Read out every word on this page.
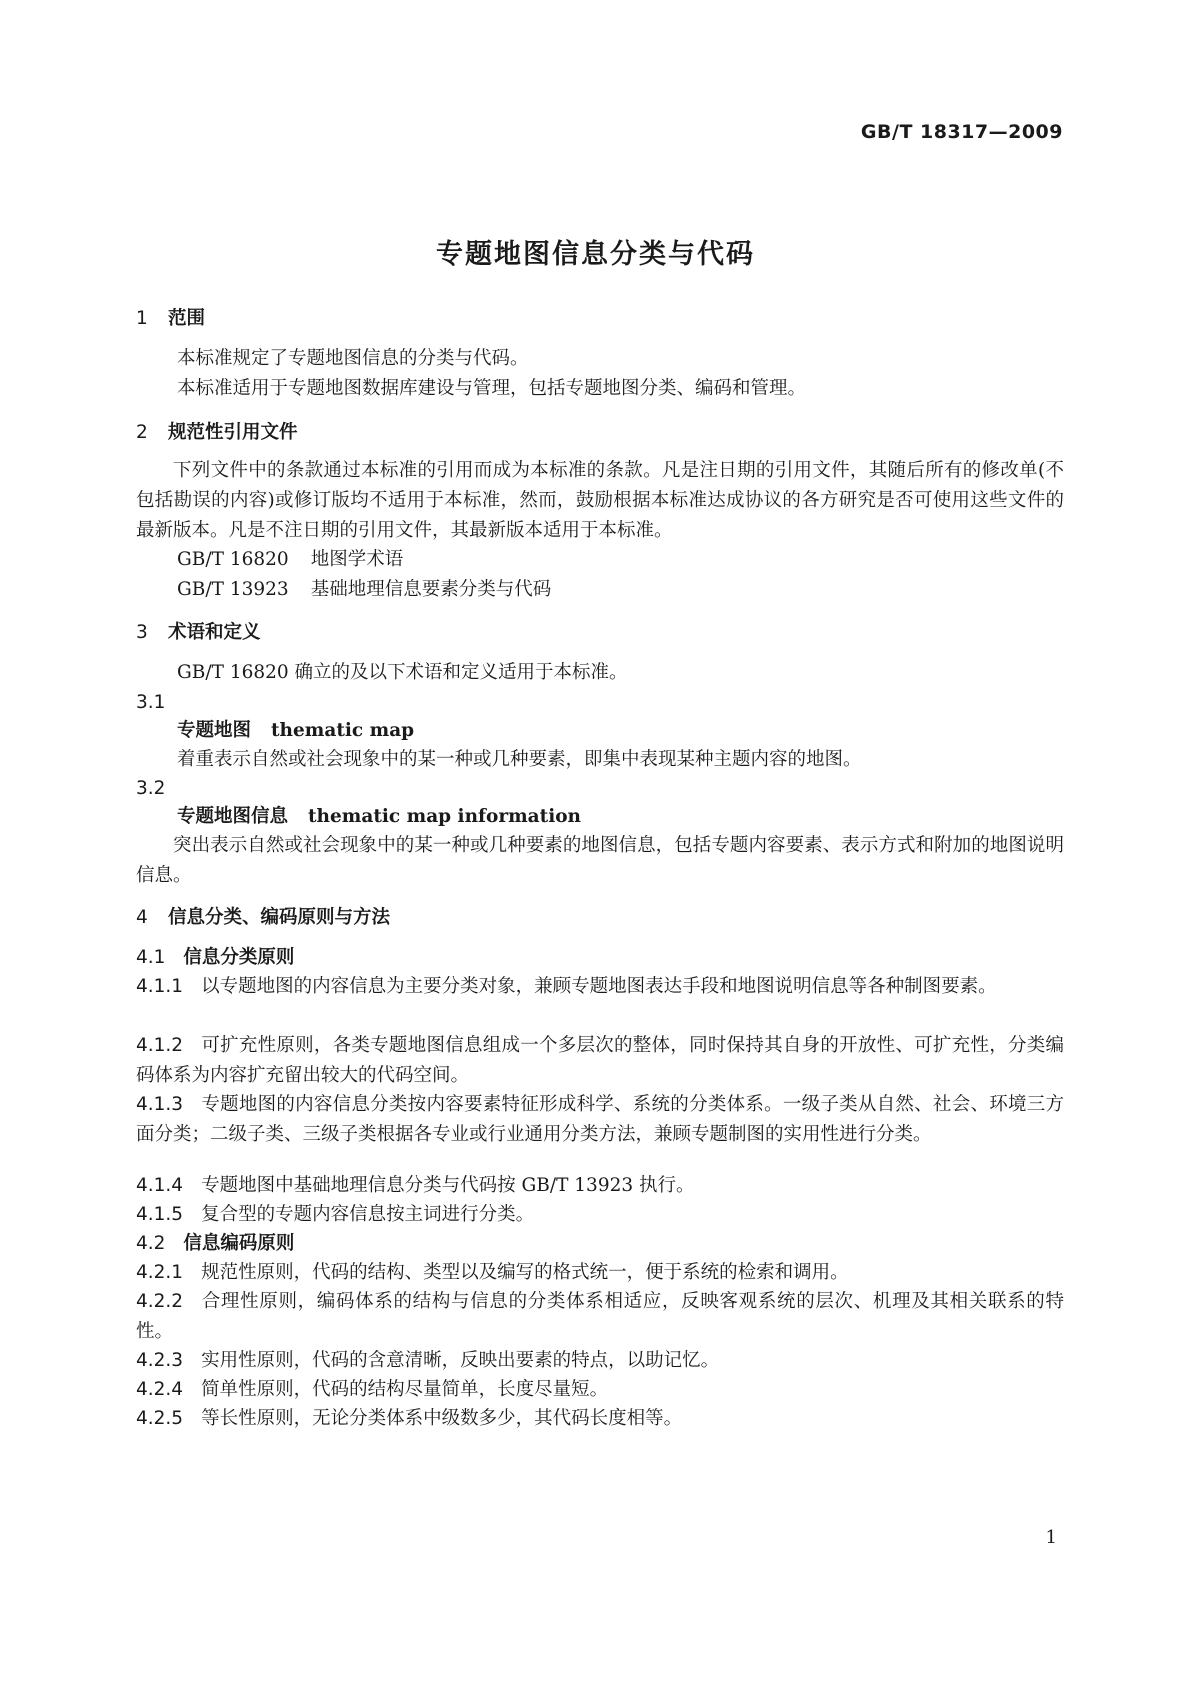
GB/T 18317—2009
专题地图信息分类与代码
1 范围
本标准规定了专题地图信息的分类与代码。
本标准适用于专题地图数据库建设与管理，包括专题地图分类、编码和管理。
2 规范性引用文件
下列文件中的条款通过本标准的引用而成为本标准的条款。凡是注日期的引用文件，其随后所有的修改单(不包括勘误的内容)或修订版均不适用于本标准，然而，鼓励根据本标准达成协议的各方研究是否可使用这些文件的最新版本。凡是不注日期的引用文件，其最新版本适用于本标准。
GB/T 16820 地图学术语
GB/T 13923 基础地理信息要素分类与代码
3 术语和定义
GB/T 16820 确立的及以下术语和定义适用于本标准。
3.1
专题地图 thematic map
着重表示自然或社会现象中的某一种或几种要素，即集中表现某种主题内容的地图。
3.2
专题地图信息 thematic map information
突出表示自然或社会现象中的某一种或几种要素的地图信息，包括专题内容要素、表示方式和附加的地图说明信息。
4 信息分类、编码原则与方法
4.1 信息分类原则
4.1.1 以专题地图的内容信息为主要分类对象，兼顾专题地图表达手段和地图说明信息等各种制图要素。
4.1.2 可扩充性原则，各类专题地图信息组成一个多层次的整体，同时保持其自身的开放性、可扩充性，分类编码体系为内容扩充留出较大的代码空间。
4.1.3 专题地图的内容信息分类按内容要素特征形成科学、系统的分类体系。一级子类从自然、社会、环境三方面分类；二级子类、三级子类根据各专业或行业通用分类方法，兼顾专题制图的实用性进行分类。
4.1.4 专题地图中基础地理信息分类与代码按 GB/T 13923 执行。
4.1.5 复合型的专题内容信息按主词进行分类。
4.2 信息编码原则
4.2.1 规范性原则，代码的结构、类型以及编写的格式统一，便于系统的检索和调用。
4.2.2 合理性原则，编码体系的结构与信息的分类体系相适应，反映客观系统的层次、机理及其相关联系的特性。
4.2.3 实用性原则，代码的含意清晰，反映出要素的特点，以助记忆。
4.2.4 简单性原则，代码的结构尽量简单，长度尽量短。
4.2.5 等长性原则，无论分类体系中级数多少，其代码长度相等。
1
